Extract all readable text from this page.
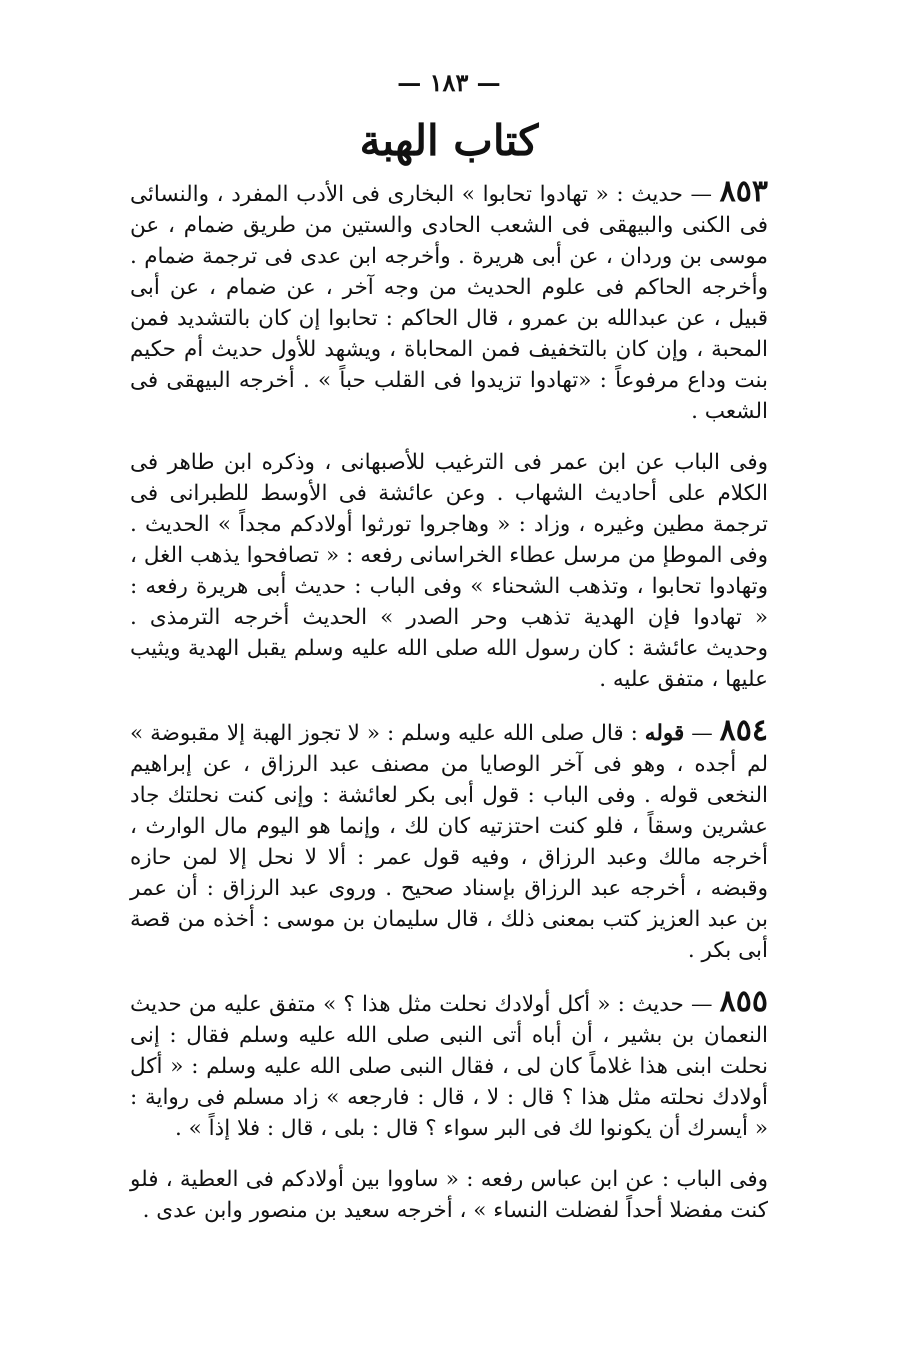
— ١٨٣ —
كتاب الهبة

٨٥٣ — حديث : « تهادوا تحابوا » البخارى فى الأدب المفرد ، والنسائى فى الكنى والبيهقى فى الشعب الحادى والستين من طريق ضمام ، عن موسى بن وردان ، عن أبى هريرة . وأخرجه ابن عدى فى ترجمة ضمام . وأخرجه الحاكم فى علوم الحديث من وجه آخر ، عن ضمام ، عن أبى قبيل ، عن عبدالله بن عمرو ، قال الحاكم : تحابوا إن كان بالتشديد فمن المحبة ، وإن كان بالتخفيف فمن المحاباة ، ويشهد للأول حديث أم حكيم بنت وداع مرفوعاً : «تهادوا تزيدوا فى القلب حباً » . أخرجه البيهقى فى الشعب .

وفى الباب عن ابن عمر فى الترغيب للأصبهانى ، وذكره ابن طاهر فى الكلام على أحاديث الشهاب . وعن عائشة فى الأوسط للطبرانى فى ترجمة مطين وغيره ، وزاد : « وهاجروا تورثوا أولادكم مجداً » الحديث . وفى الموطإ من مرسل عطاء الخراسانى رفعه : « تصافحوا يذهب الغل ، وتهادوا تحابوا ، وتذهب الشحناء » وفى الباب : حديث أبى هريرة رفعه : « تهادوا فإن الهدية تذهب وحر الصدر » الحديث أخرجه الترمذى . وحديث عائشة : كان رسول الله صلى الله عليه وسلم يقبل الهدية ويثيب عليها ، متفق عليه .

٨٥٤ — قوله : قال صلى الله عليه وسلم : « لا تجوز الهبة إلا مقبوضة » لم أجده ، وهو فى آخر الوصايا من مصنف عبد الرزاق ، عن إبراهيم النخعى قوله . وفى الباب : قول أبى بكر لعائشة : وإنى كنت نحلتك جاد عشرين وسقاً ، فلو كنت احتزتيه كان لك ، وإنما هو اليوم مال الوارث ، أخرجه مالك وعبد الرزاق ، وفيه قول عمر : ألا لا نحل إلا لمن حازه وقبضه ، أخرجه عبد الرزاق بإسناد صحيح . وروى عبد الرزاق : أن عمر بن عبد العزيز كتب بمعنى ذلك ، قال سليمان بن موسى : أخذه من قصة أبى بكر .

٨٥٥ — حديث : « أكل أولادك نحلت مثل هذا ؟ » متفق عليه من حديث النعمان بن بشير ، أن أباه أتى النبى صلى الله عليه وسلم فقال : إنى نحلت ابنى هذا غلاماً كان لى ، فقال النبى صلى الله عليه وسلم : « أكل أولادك نحلته مثل هذا ؟ قال : لا ، قال : فارجعه » زاد مسلم فى رواية : « أيسرك أن يكونوا لك فى البر سواء ؟ قال : بلى ، قال : فلا إذاً » .

وفى الباب : عن ابن عباس رفعه : « ساووا بين أولادكم فى العطية ، فلو كنت مفضلا أحداً لفضلت النساء » ، أخرجه سعيد بن منصور وابن عدى .
